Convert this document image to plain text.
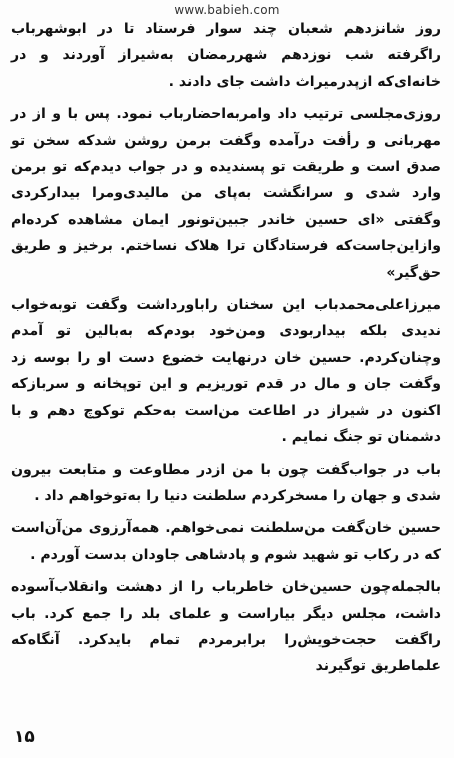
www.babieh.com

روز شانزدهم شعبان چند سوار فرستاد تا در ابوشهرباب راگرفته شب نوزدهم شهررمضان به‌شیراز آوردند و در خانه‌ای‌که ازپدرمیراث داشت جای دادند .

روزی‌مجلسی ترتیب داد وامربه‌احضارباب نمود. پس با و از در مهربانی و رأفت درآمده وگفت برمن روشن شدکه سخن تو صدق است و طریقت تو پسندیده و در جواب دیدم‌که تو برمن وارد شدی و سرانگشت به‌پای من مالیدی‌ومرا بیدارکردی وگفتی «ای حسین خاندر جبین‌تونور ایمان مشاهده کرده‌ام وازاین‌جاست‌که فرستادگان ترا هلاک نساختم. برخیز و طریق حق‌گیر»

میرزاعلی‌محمدباب این سخنان راباورداشت وگفت توبه‌خواب ندیدی بلکه بیداربودی ومن‌خود بودم‌که به‌بالین تو آمدم وچنان‌کردم. حسین خان درنهایت خضوع دست او را بوسه زد وگفت جان و مال در قدم توریزیم و این توپخانه و سربازکه اکنون در شیراز در اطاعت من‌است به‌حکم توکوچ دهم و با دشمنان تو جنگ نمایم .

باب در جواب‌گفت چون با من ازدر مطاوعت و متابعت بیرون شدی و جهان را مسخرکردم سلطنت دنیا را به‌توخواهم داد .

حسین خان‌گفت من‌سلطنت نمی‌خواهم. همه‌آرزوی من‌آن‌است که در رکاب تو شهید شوم و پادشاهی جاودان بدست آوردم .

بالجمله‌چون حسین‌خان خاطرباب را از دهشت وانقلاب‌آسوده داشت، مجلس دیگر بیاراست و علمای بلد را جمع کرد. باب راگفت حجت‌خویش‌را برابرمردم تمام بایدکرد. آنگاه‌که علماطریق توگیرند

۱۵
